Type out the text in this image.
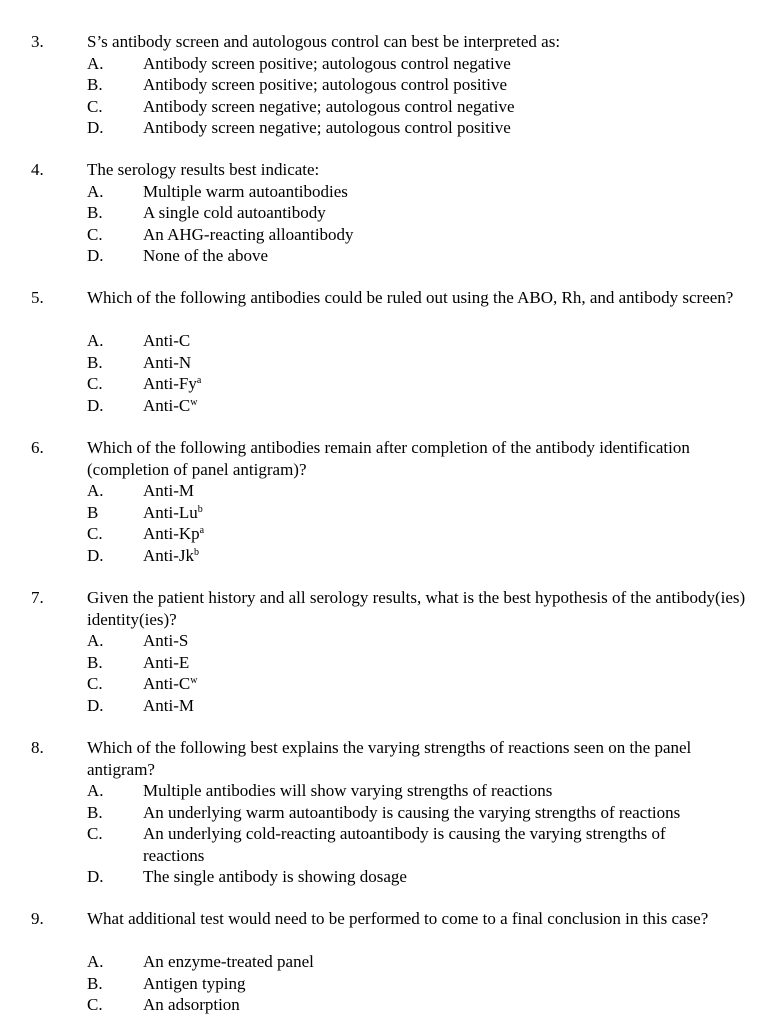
3.	S’s antibody screen and autologous control can best be interpreted as:

A. Antibody screen positive; autologous control negative
B. Antibody screen positive; autologous control positive
C. Antibody screen negative; autologous control negative
D. Antibody screen negative; autologous control positive
4.	The serology results best indicate:

A. Multiple warm autoantibodies
B. A single cold autoantibody
C. An AHG-reacting alloantibody
D. None of the above
5.	Which of the following antibodies could be ruled out using the ABO, Rh, and antibody screen?

A. Anti-C
B. Anti-N
C. Anti-Fy$^a$
D. Anti-$C^w$
6.	Which of the following antibodies remain after completion of the antibody identification (completion of panel antigram)?

A. Anti-M
B	Anti-Lu$^b$
C. Anti-Kp$^a$
D. Anti-Jk$^b$
7.	Given the patient history and all serology results, what is the best hypothesis of the antibody(ies) identity(ies)?

A. Anti-S
B. Anti-E
C. Anti-$C^w$
D. Anti-M
8.	Which of the following best explains the varying strengths of reactions seen on the panel antigram?

A. Multiple antibodies will show varying strengths of reactions
B. An underlying warm autoantibody is causing the varying strengths of reactions
C. An underlying cold-reacting autoantibody is causing the varying strengths of reactions
D. The single antibody is showing dosage
9.	What additional test would need to be performed to come to a final conclusion in this case?

A. An enzyme-treated panel
B. Antigen typing
C. An adsorption
